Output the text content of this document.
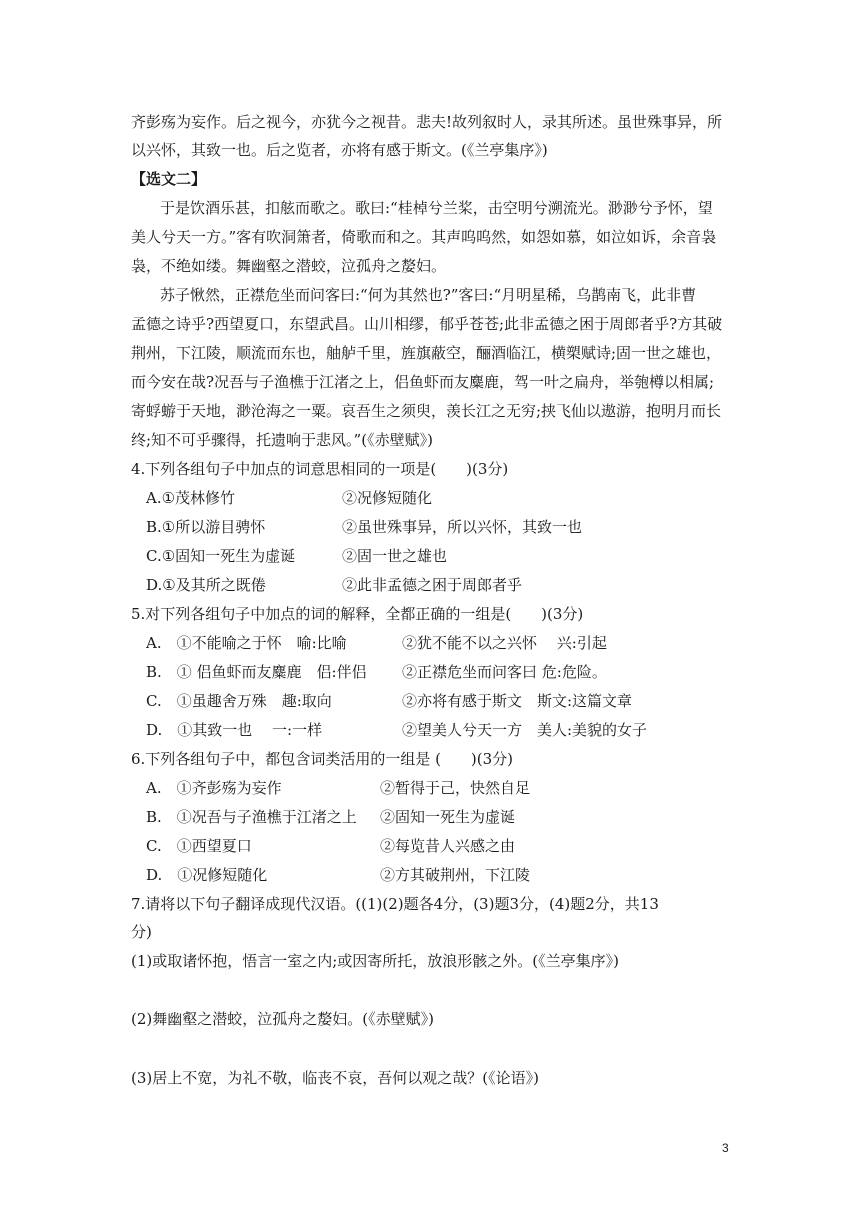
齐彭殇为妄作。后之视今，亦犹今之视昔。悲夫!故列叙时人，录其所述。虽世殊事异，所
以兴怀，其致一也。后之览者，亦将有感于斯文。(《兰亭集序》)
【选文二】
于是饮酒乐甚，扣舷而歌之。歌曰:“桂棹兮兰桨，击空明兮溯流光。渺渺兮予怀，望
美人兮天一方。”客有吹洞箫者，倚歌而和之。其声呜呜然，如怨如慕，如泣如诉，余音袅
袅，不绝如缕。舞幽壑之潜蛟，泣孤舟之嫠妇。
苏子愀然，正襟危坐而问客曰:“何为其然也?”客曰:“月明星稀，乌鹊南飞，此非曹
孟德之诗乎?西望夏口，东望武昌。山川相缪，郁乎苍苍;此非孟德之困于周郎者乎?方其破
荆州，下江陵，顺流而东也，舳舻千里，旌旗蔽空，酾酒临江，横槊赋诗;固一世之雄也，
而今安在哉?况吾与子渔樵于江渚之上，侣鱼虾而友麋鹿，驾一叶之扁舟，举匏樽以相属;
寄蜉蝣于天地，渺沧海之一粟。哀吾生之须臾，羡长江之无穷;挟飞仙以遨游，抱明月而长
终;知不可乎骤得，托遗响于悲风。”(《赤壁赋》)
4.下列各组句子中加点的词意思相同的一项是(　　)(3分)
A.①茂林修竹	②况修短随化
B.①所以游目骋怀	②虽世殊事异，所以兴怀，其致一也
C.①固知一死生为虚诞	②固一世之雄也
D.①及其所之既倦	②此非孟德之困于周郎者乎
5.对下列各组句子中加点的词的解释，全都正确的一组是(　　)(3分)
A.　①不能喻之于怀　喻:比喻	②犹不能不以之兴怀　 兴:引起
B.　① 侣鱼虾而友麋鹿　侣:伴侣 ②正襟危坐而问客曰 危:危险。
C.　①虽趣舍万殊　趣:取向	②亦将有感于斯文　斯文:这篇文章
D.　①其致一也　 一:一样	②望美人兮天一方　美人:美貌的女子
6.下列各组句子中，都包含词类活用的一组是 (　　)(3分)
A.　①齐彭殇为妄作	②暂得于己，快然自足
B.　①况吾与子渔樵于江渚之上 ②固知一死生为虚诞
C.　①西望夏口	②每览昔人兴感之由
D.　①况修短随化	②方其破荆州，下江陵
7.请将以下句子翻译成现代汉语。((1)(2)题各4分，(3)题3分，(4)题2分，共13
分)
(1)或取诸怀抱，悟言一室之内;或因寄所托，放浪形骸之外。(《兰亭集序》)
(2)舞幽壑之潜蛟，泣孤舟之嫠妇。(《赤壁赋》)
(3)居上不宽，为礼不敬，临丧不哀，吾何以观之哉？(《论语》)
3
